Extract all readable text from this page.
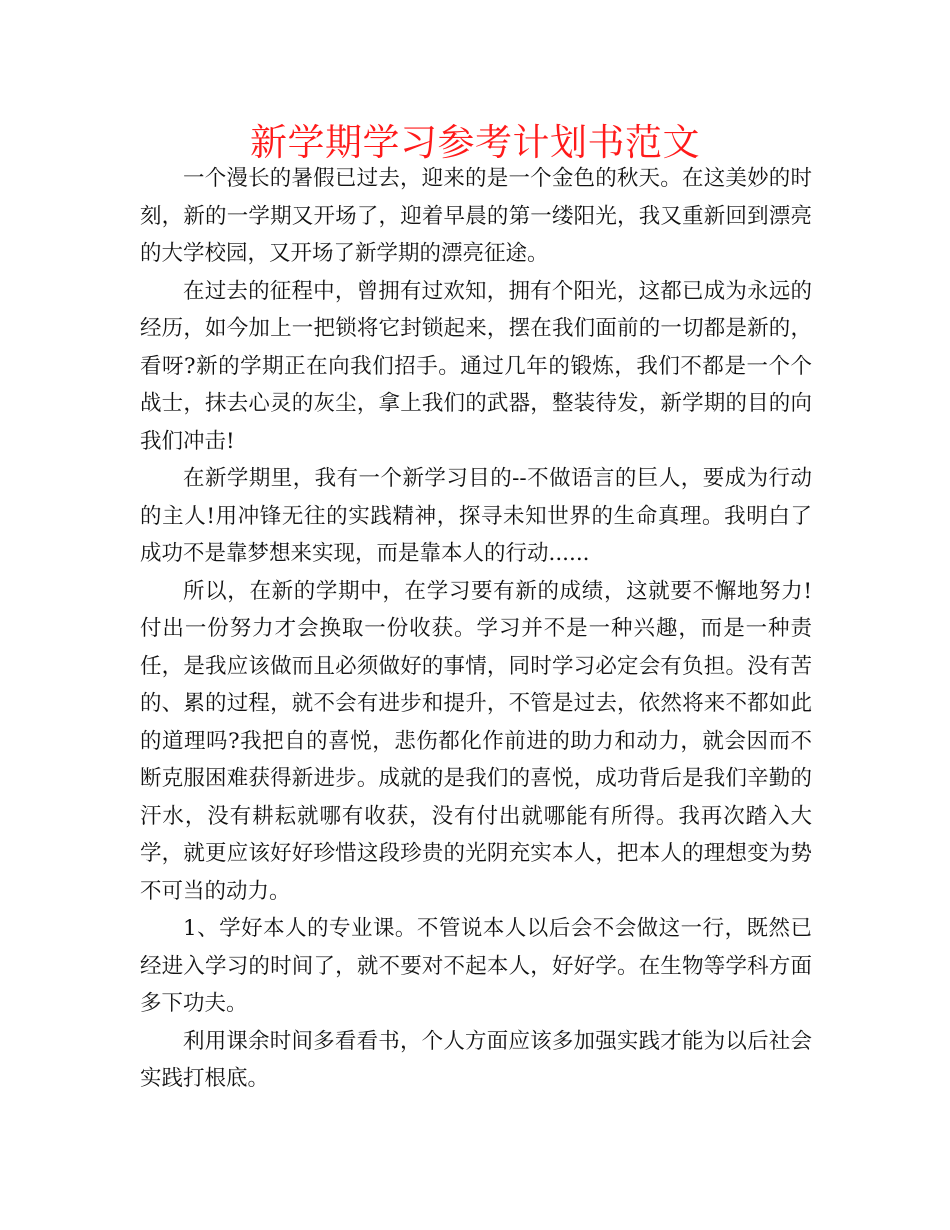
新学期学习参考计划书范文

一个漫长的暑假已过去，迎来的是一个金色的秋天。在这美妙的时刻，新的一学期又开场了，迎着早晨的第一缕阳光，我又重新回到漂亮的大学校园，又开场了新学期的漂亮征途。

在过去的征程中，曾拥有过欢知，拥有个阳光，这都已成为永远的经历，如今加上一把锁将它封锁起来，摆在我们面前的一切都是新的，看呀?新的学期正在向我们招手。通过几年的锻炼，我们不都是一个个战士，抹去心灵的灰尘，拿上我们的武器，整装待发，新学期的目的向我们冲击!

在新学期里，我有一个新学习目的--不做语言的巨人，要成为行动的主人!用冲锋无往的实践精神，探寻未知世界的生命真理。我明白了成功不是靠梦想来实现，而是靠本人的行动......

所以，在新的学期中，在学习要有新的成绩，这就要不懈地努力!付出一份努力才会换取一份收获。学习并不是一种兴趣，而是一种责任，是我应该做而且必须做好的事情，同时学习必定会有负担。没有苦的、累的过程，就不会有进步和提升，不管是过去，依然将来不都如此的道理吗?我把自的喜悦，悲伤都化作前进的助力和动力，就会因而不断克服困难获得新进步。成就的是我们的喜悦，成功背后是我们辛勤的汗水，没有耕耘就哪有收获，没有付出就哪能有所得。我再次踏入大学，就更应该好好珍惜这段珍贵的光阴充实本人，把本人的理想变为势不可当的动力。

1、学好本人的专业课。不管说本人以后会不会做这一行，既然已经进入学习的时间了，就不要对不起本人，好好学。在生物等学科方面多下功夫。

利用课余时间多看看书，个人方面应该多加强实践才能为以后社会实践打根底。
